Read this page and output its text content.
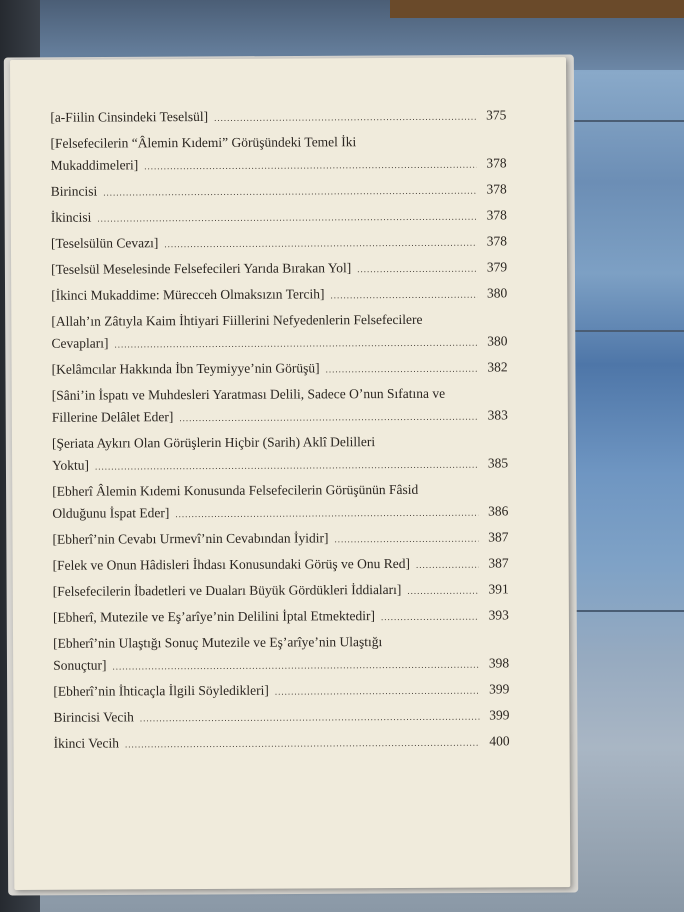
[a-Fiilin Cinsindeki Teselsül] .....	375
[Felsefecilerin “Âlemin Kıdemi” Görüşündeki Temel İki
Mukaddimeleri] .....	378
Birincisi .....	378
İkincisi .....	378
[Teselsülün Cevazı] .....	378
[Teselsül Meselesinde Felsefecileri Yarıda Bırakan Yol] .....	379
[İkinci Mukaddime: Mürecceh Olmaksızın Tercih] .....	380
[Allah’ın Zâtıyla Kaim İhtiyari Fiillerini Nefyedenlerin Felsefecilere
Cevapları] .....	380
[Kelâmcılar Hakkında İbn Teymiyye’nin Görüşü] .....	382
[Sâni’in İspatı ve Muhdesleri Yaratması Delili, Sadece O’nun Sıfatına ve
Fillerine Delâlet Eder] .....	383
[Şeriata Aykırı Olan Görüşlerin Hiçbir (Sarih) Aklî Delilleri
Yoktu] .....	385
[Ebherî Âlemin Kıdemi Konusunda Felsefecilerin Görüşünün Fâsid
Olduğunu İspat Eder] .....	386
[Ebherî’nin Cevabı Urmevî’nin Cevabından İyidir] .....	387
[Felek ve Onun Hâdisleri İhdası Konusundaki Görüş ve Onu Red] .....	387
[Felsefecilerin İbadetleri ve Duaları Büyük Gördükleri İddiaları] .....	391
[Ebherî, Mutezile ve Eş’arîye’nin Delilini İptal Etmektedir] .....	393
[Ebherî’nin Ulaştığı Sonuç Mutezile ve Eş’arîye’nin Ulaştığı
Sonuçtur] .....	398
[Ebherî’nin İhticaçla İlgili Söyledikleri] .....	399
Birincisi Vecih .....	399
İkinci Vecih .....	400
